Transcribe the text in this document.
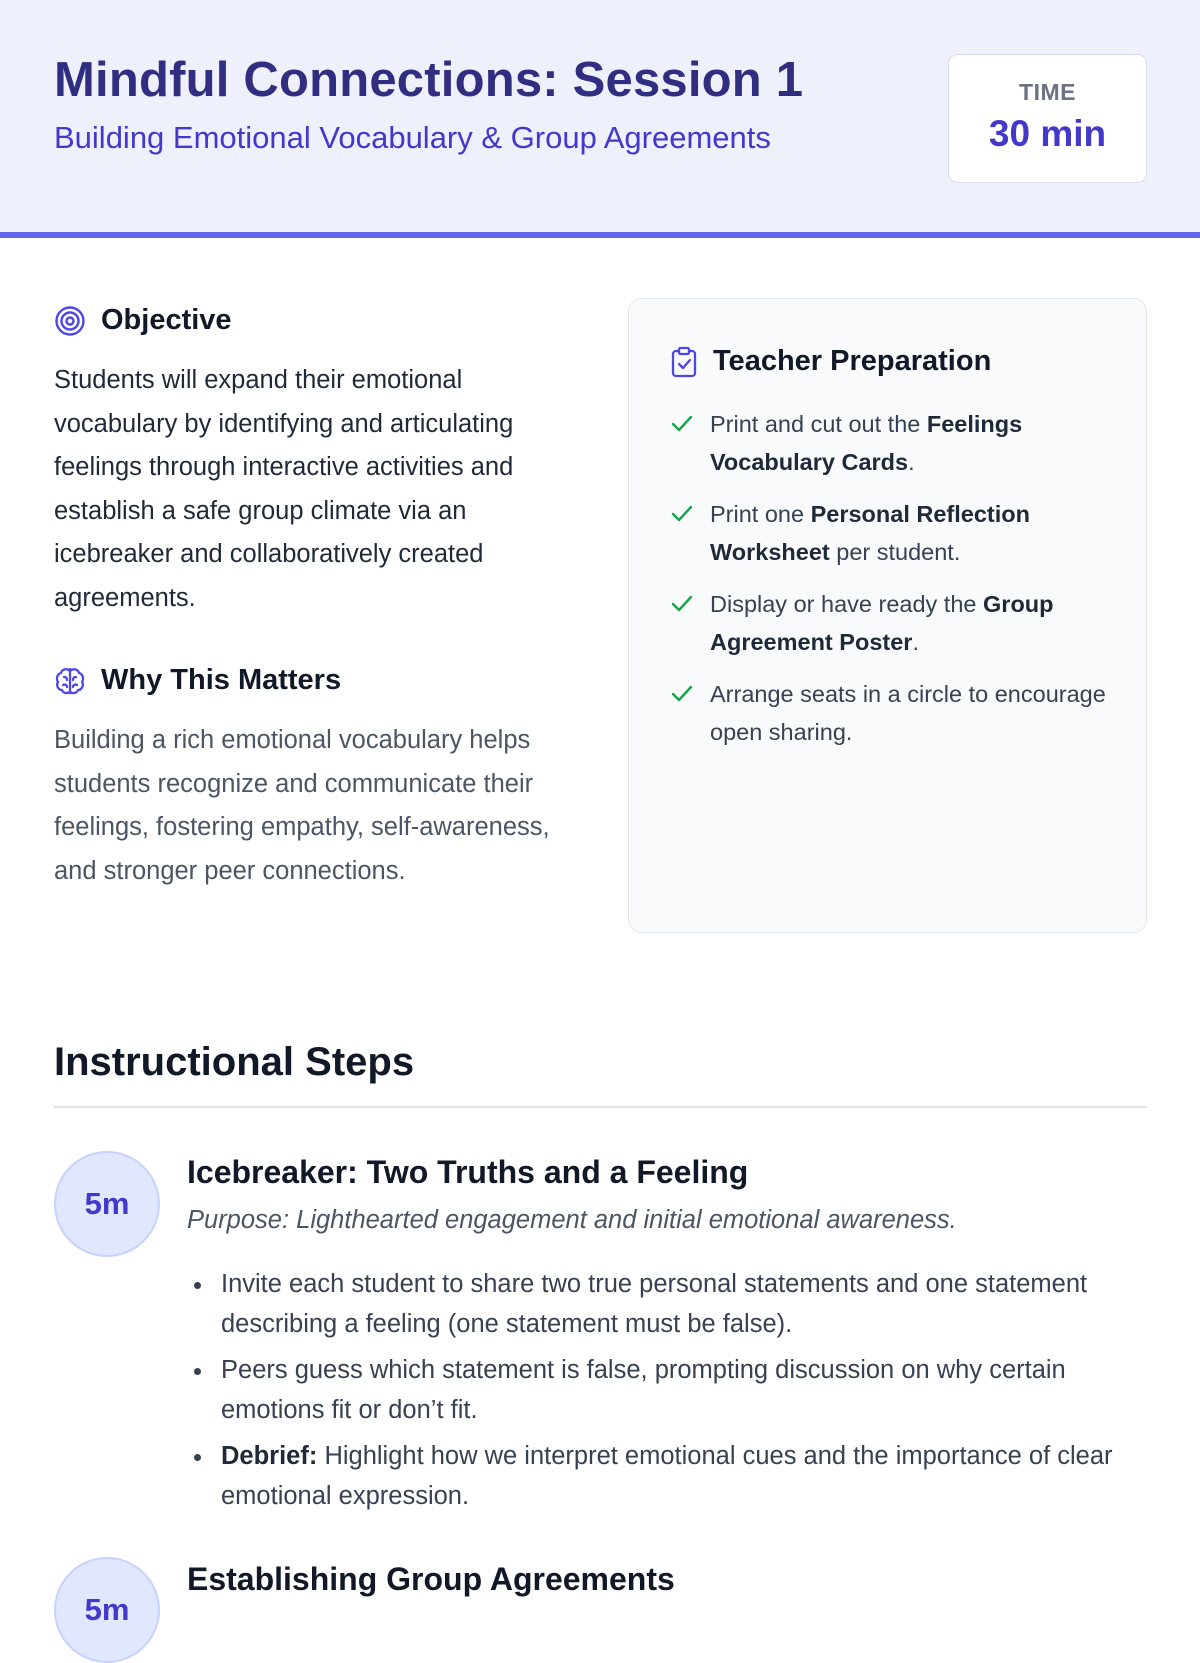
Mindful Connections: Session 1
Building Emotional Vocabulary & Group Agreements
TIME
30 min
Objective
Students will expand their emotional vocabulary by identifying and articulating feelings through interactive activities and establish a safe group climate via an icebreaker and collaboratively created agreements.
Why This Matters
Building a rich emotional vocabulary helps students recognize and communicate their feelings, fostering empathy, self-awareness, and stronger peer connections.
Teacher Preparation
Print and cut out the Feelings Vocabulary Cards.
Print one Personal Reflection Worksheet per student.
Display or have ready the Group Agreement Poster.
Arrange seats in a circle to encourage open sharing.
Instructional Steps
5m
Icebreaker: Two Truths and a Feeling
Purpose: Lighthearted engagement and initial emotional awareness.
Invite each student to share two true personal statements and one statement describing a feeling (one statement must be false).
Peers guess which statement is false, prompting discussion on why certain emotions fit or don’t fit.
Debrief: Highlight how we interpret emotional cues and the importance of clear emotional expression.
5m
Establishing Group Agreements
